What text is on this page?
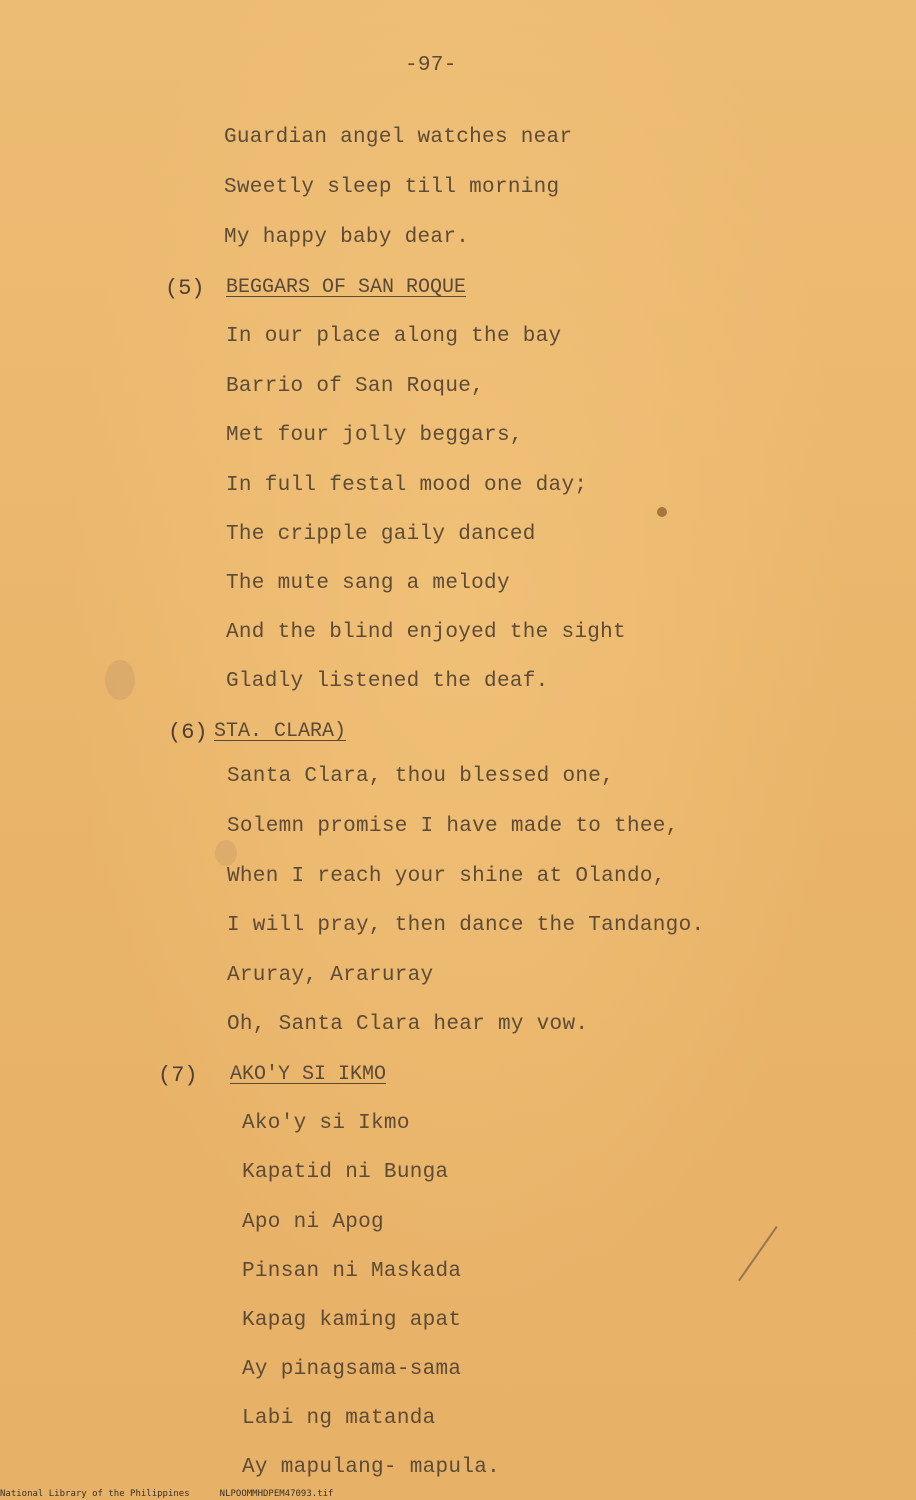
-97-
Guardian angel watches near
Sweetly sleep till morning
My happy baby dear.
(5) BEGGARS OF SAN ROQUE
In our place along the bay
Barrio of San Roque,
Met four jolly beggars,
In full festal mood one day;
The cripple gaily danced
The mute sang a melody
And the blind enjoyed the sight
Gladly listened the deaf.
(6) STA. CLARA)
Santa Clara, thou blessed one,
Solemn promise I have made to thee,
When I reach your shine at Olando,
I will pray, then dance the Tandango.
Aruray, Araruray
Oh, Santa Clara hear my vow.
(7) AKO'Y SI IKMO
Ako'y si Ikmo
Kapatid ni Bunga
Apo ni Apog
Pinsan ni Maskada
Kapag kaming apat
Ay pinagsama-sama
Labi ng matanda
Ay mapulang- mapula.
National Library of the Philippines	NLPOOMMHDPEM47093.tif
